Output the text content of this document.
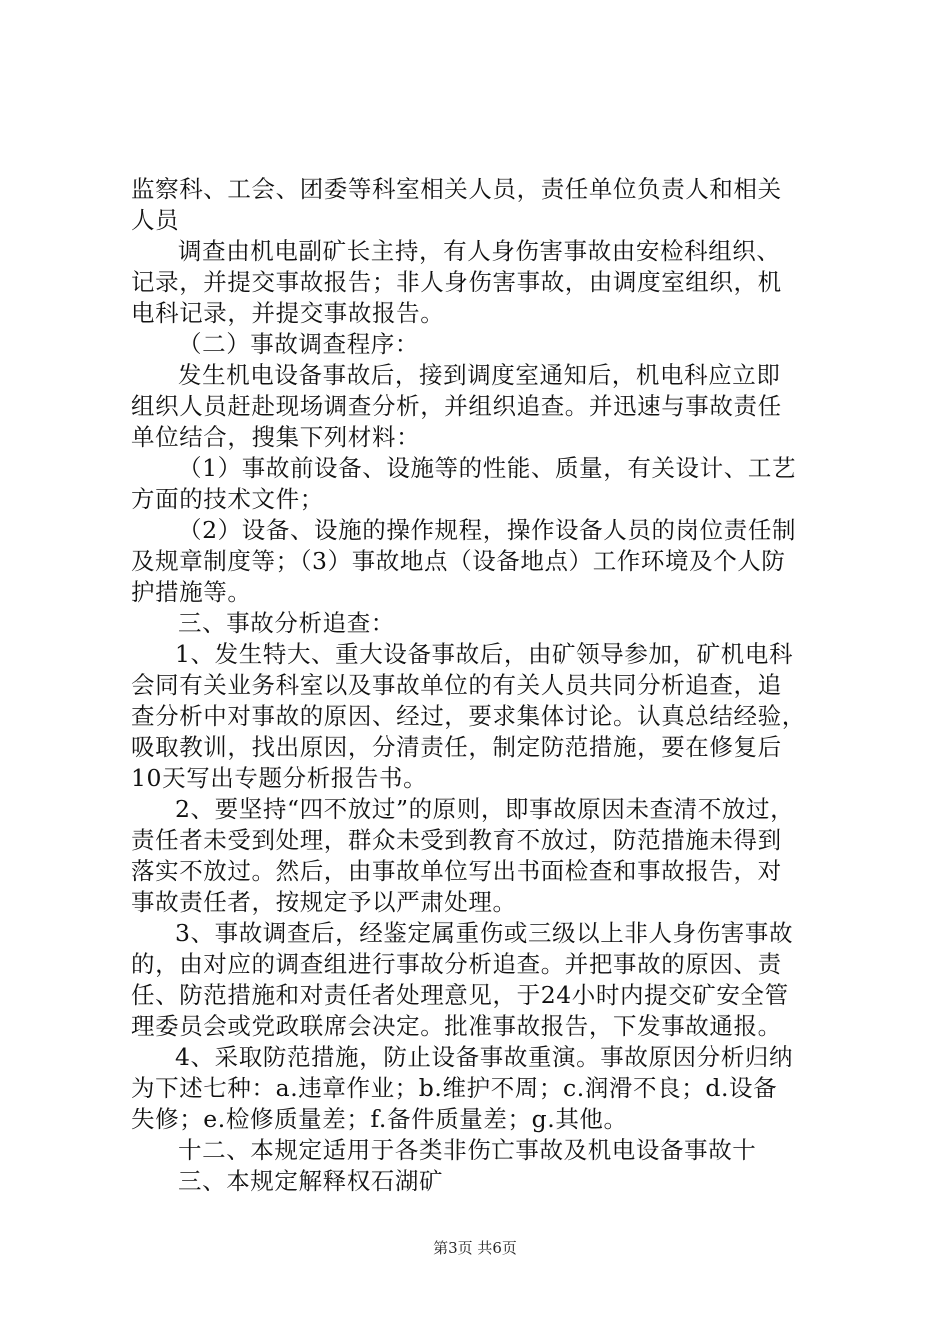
监察科、工会、团委等科室相关人员，责任单位负责人和相关
人员
调查由机电副矿长主持，有人身伤害事故由安检科组织、
记录，并提交事故报告；非人身伤害事故，由调度室组织，机
电科记录，并提交事故报告。
（二）事故调查程序：
发生机电设备事故后，接到调度室通知后，机电科应立即
组织人员赶赴现场调查分析，并组织追查。并迅速与事故责任
单位结合，搜集下列材料：
（1）事故前设备、设施等的性能、质量，有关设计、工艺
方面的技术文件；
（2）设备、设施的操作规程，操作设备人员的岗位责任制
及规章制度等；（3）事故地点（设备地点）工作环境及个人防
护措施等。
三、事故分析追查：
1、发生特大、重大设备事故后，由矿领导参加，矿机电科
会同有关业务科室以及事故单位的有关人员共同分析追查，追
查分析中对事故的原因、经过，要求集体讨论。认真总结经验，
吸取教训，找出原因，分清责任，制定防范措施，要在修复后
10天写出专题分析报告书。
2、要坚持“四不放过”的原则，即事故原因未查清不放过，
责任者未受到处理，群众未受到教育不放过，防范措施未得到
落实不放过。然后，由事故单位写出书面检查和事故报告，对
事故责任者，按规定予以严肃处理。
3、事故调查后，经鉴定属重伤或三级以上非人身伤害事故
的，由对应的调查组进行事故分析追查。并把事故的原因、责
任、防范措施和对责任者处理意见，于24小时内提交矿安全管
理委员会或党政联席会决定。批准事故报告，下发事故通报。
4、采取防范措施，防止设备事故重演。事故原因分析归纳
为下述七种：a.违章作业；b.维护不周；c.润滑不良；d.设备
失修；e.检修质量差；f.备件质量差；g.其他。
十二、本规定适用于各类非伤亡事故及机电设备事故十
三、本规定解释权石湖矿
第3页 共6页
